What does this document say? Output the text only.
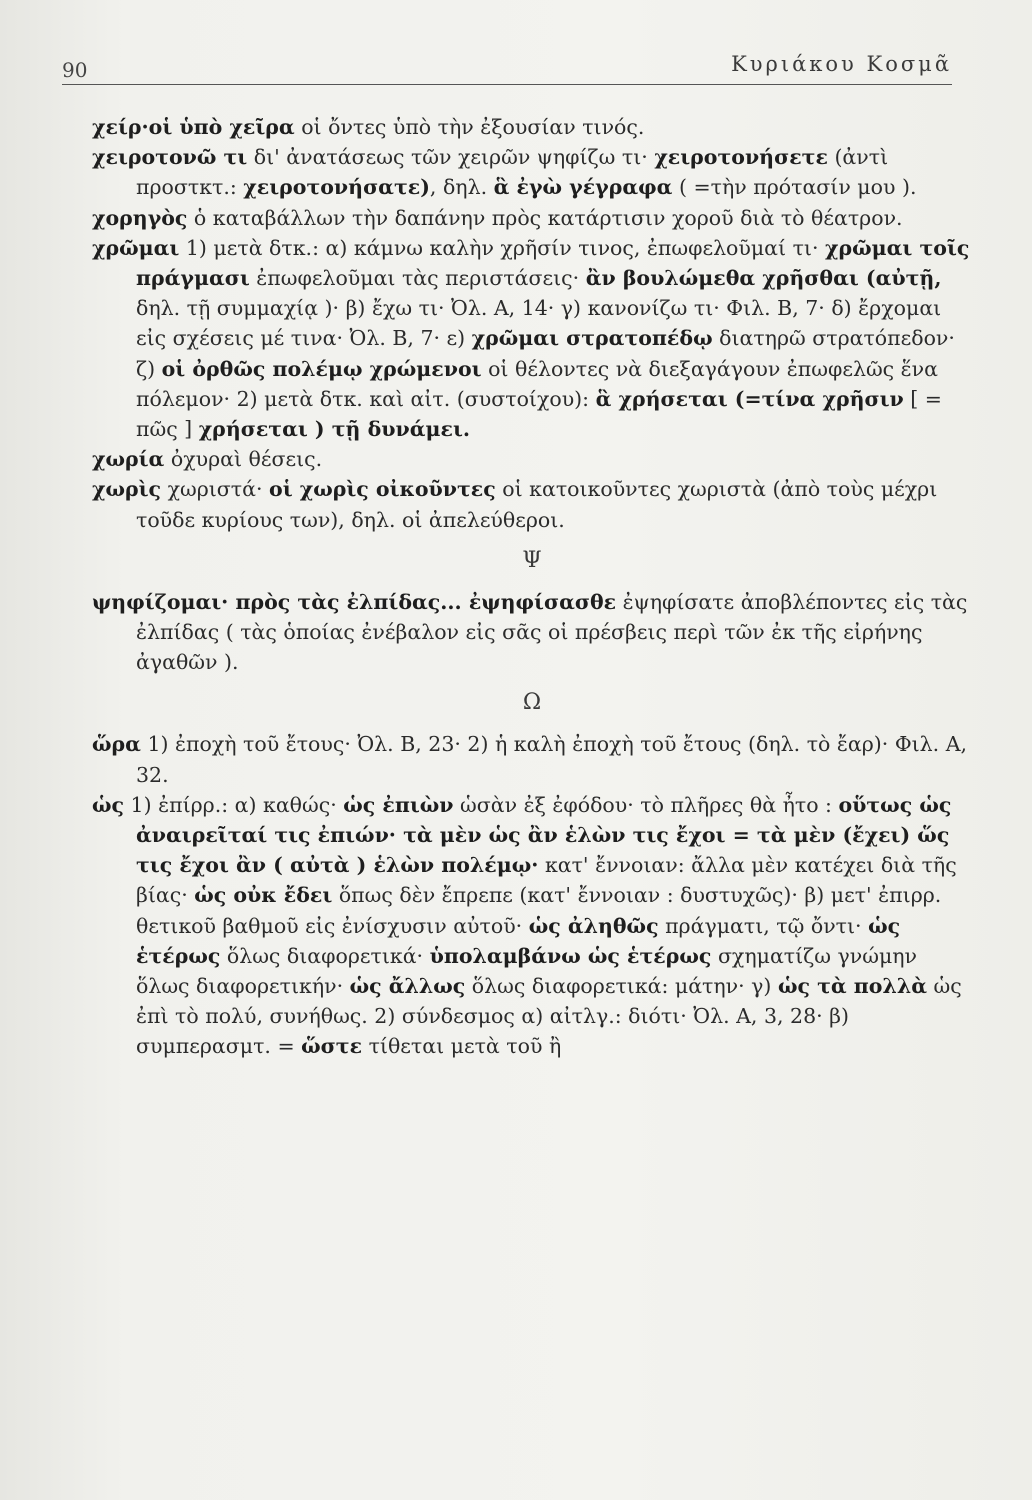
90	Κυριάκου Κοσμᾶ

χείρ·οἱ ὑπὸ χεῖρα οἱ ὄντες ὑπὸ τὴν ἐξουσίαν τινός.

χειροτονῶ τι δι' ἀνατάσεως τῶν χειρῶν ψηφίζω τι· χειροτονήσετε (ἀντὶ προστκτ.: χειροτονήσατε), δηλ. ἃ ἐγὼ γέγραφα ( =τὴν πρότασίν μου ).

χορηγὸς ὁ καταβάλλων τὴν δαπάνην πρὸς κατάρτισιν χοροῦ διὰ τὸ θέατρον.

χρῶμαι 1) μετὰ δτκ.: α) κάμνω καλὴν χρῆσίν τινος, ἐπωφελοῦμαί τι· χρῶμαι τοῖς πράγμασι ἐπωφελοῦμαι τὰς περιστάσεις· ἂν βουλώμεθα χρῆσθαι (αὐτῇ, δηλ. τῇ συμμαχίᾳ )· β) ἔχω τι· Ὀλ. Α, 14· γ) κανονίζω τι· Φιλ. Β, 7· δ) ἔρχομαι εἰς σχέσεις μέ τινα· Ὀλ. Β, 7· ε) χρῶμαι στρατοπέδῳ διατηρῶ στρατόπεδον· ζ) οἱ ὀρθῶς πολέμῳ χρώμενοι οἱ θέλοντες νὰ διεξαγάγουν ἐπωφελῶς ἕνα πόλεμον· 2) μετὰ δτκ. καὶ αἰτ. (συστοίχου): ἃ χρήσεται (=τίνα χρῆσιν [ = πῶς ] χρήσεται ) τῇ δυνάμει.

χωρία ὀχυραὶ θέσεις.

χωρὶς χωριστά· οἱ χωρὶς οἰκοῦντες οἱ κατοικοῦντες χωριστὰ (ἀπὸ τοὺς μέχρι τοῦδε κυρίους των), δηλ. οἱ ἀπελεύθεροι.

Ψ

ψηφίζομαι· πρὸς τὰς ἐλπίδας... ἐψηφίσασθε ἐψηφίσατε ἀποβλέποντες εἰς τὰς ἐλπίδας ( τὰς ὁποίας ἐνέβαλον εἰς σᾶς οἱ πρέσβεις περὶ τῶν ἐκ τῆς εἰρήνης ἀγαθῶν ).

Ω

ὥρα 1) ἐποχὴ τοῦ ἔτους· Ὀλ. Β, 23· 2) ἡ καλὴ ἐποχὴ τοῦ ἔτους (δηλ. τὸ ἔαρ)· Φιλ. Α, 32.

ὡς 1) ἐπίρρ.: α) καθώς· ὡς ἐπιὼν ὡσὰν ἐξ ἐφόδου· τὸ πλῆρες θὰ ἦτο : οὕτως ὡς ἀναιρεῖταί τις ἐπιών· τὰ μὲν ὡς ἂν ἑλὼν τις ἔχοι = τὰ μὲν (ἔχει) ὥς τις ἔχοι ἂν ( αὐτὰ ) ἑλὼν πολέμῳ· κατ' ἔννοιαν: ἄλλα μὲν κατέχει διὰ τῆς βίας· ὡς οὐκ ἔδει ὅπως δὲν ἔπρεπε (κατ' ἔννοιαν : δυστυχῶς)· β) μετ' ἐπιρρ. θετικοῦ βαθμοῦ εἰς ἐνίσχυσιν αὐτοῦ· ὡς ἀληθῶς πράγματι, τῷ ὄντι· ὡς ἑτέρως ὅλως διαφορετικά· ὑπολαμβάνω ὡς ἑτέρως σχηματίζω γνώμην ὅλως διαφορετικήν· ὡς ἄλλως ὅλως διαφορετικά: μάτην· γ) ὡς τὰ πολλὰ ὡς ἐπὶ τὸ πολύ, συνήθως. 2) σύνδεσμος α) αἰτλγ.: διότι· Ὀλ. Α, 3, 28· β) συμπερασμτ. = ὥστε τίθεται μετὰ τοῦ ἢ
